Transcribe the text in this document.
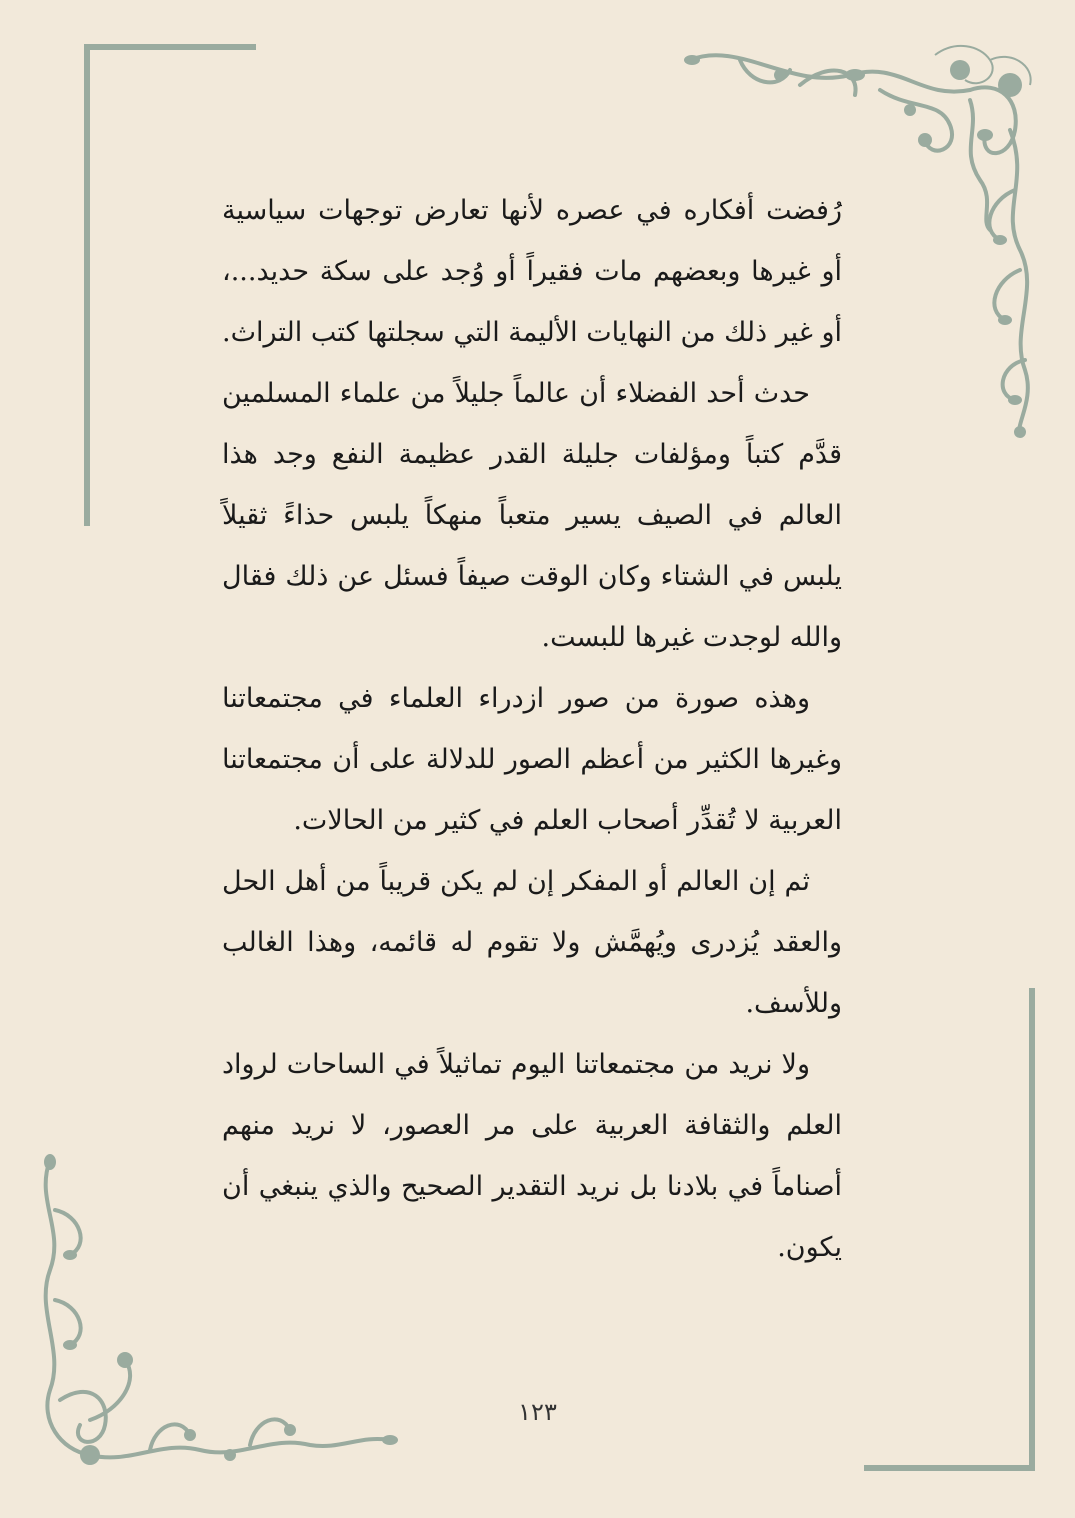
رُفضت أفكاره في عصره لأنها تعارض توجهات سياسية أو غيرها وبعضهم مات فقيراً أو وُجد على سكة حديد...، أو غير ذلك من النهايات الأليمة التي سجلتها كتب التراث.

حدث أحد الفضلاء أن عالماً جليلاً من علماء المسلمين قدَّم كتباً ومؤلفات جليلة القدر عظيمة النفع وجد هذا العالم في الصيف يسير متعباً منهكاً يلبس حذاءً ثقيلاً يلبس في الشتاء وكان الوقت صيفاً فسئل عن ذلك فقال والله لوجدت غيرها للبست.

وهذه صورة من صور ازدراء العلماء في مجتمعاتنا وغيرها الكثير من أعظم الصور للدلالة على أن مجتمعاتنا العربية لا تُقدِّر أصحاب العلم في كثير من الحالات.

ثم إن العالم أو المفكر إن لم يكن قريباً من أهل الحل والعقد يُزدرى ويُهمَّش ولا تقوم له قائمه، وهذا الغالب وللأسف.

ولا نريد من مجتمعاتنا اليوم تماثيلاً في الساحات لرواد العلم والثقافة العربية على مر العصور، لا نريد منهم أصناماً في بلادنا بل نريد التقدير الصحيح والذي ينبغي أن يكون.

١٢٣
